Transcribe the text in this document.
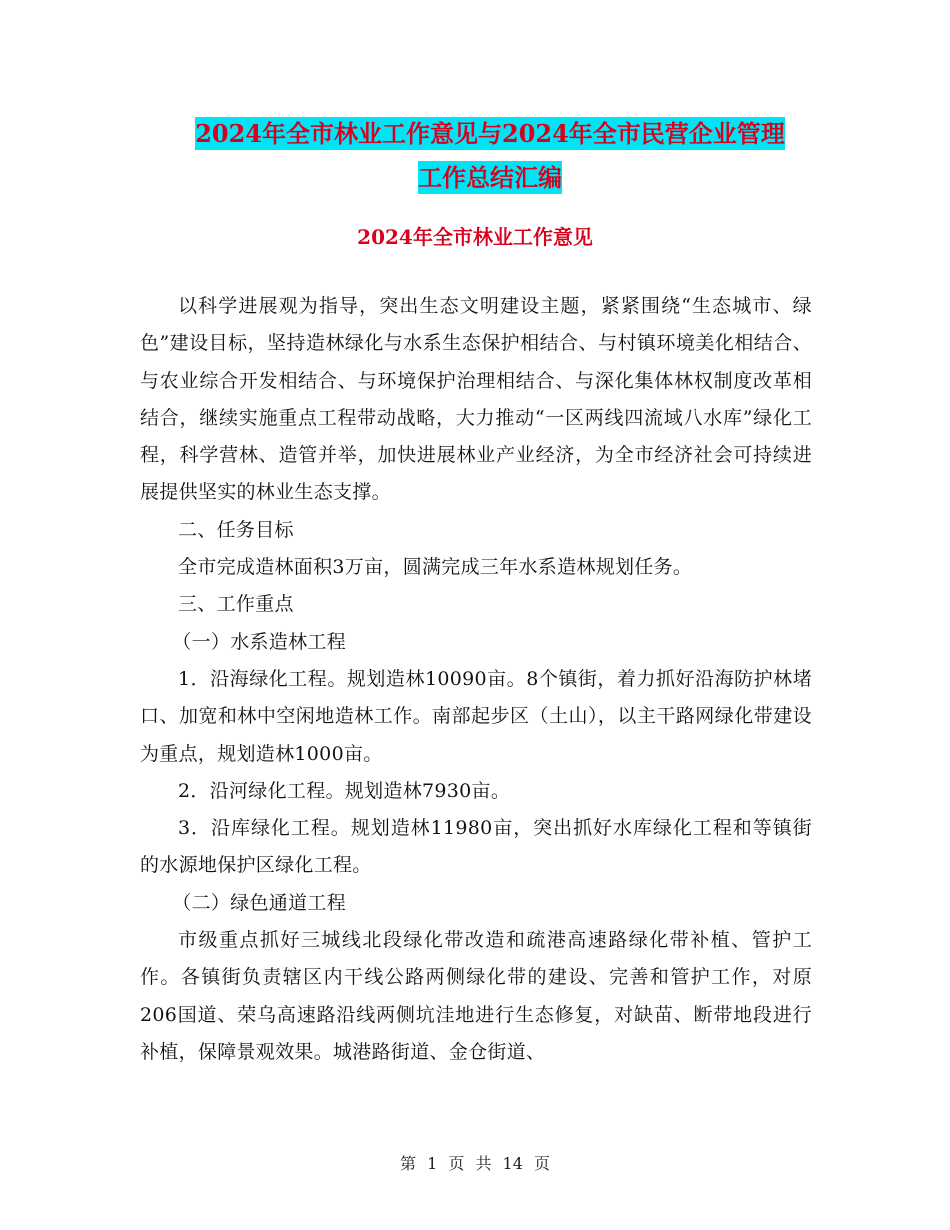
2024年全市林业工作意见与2024年全市民营企业管理
工作总结汇编
2024年全市林业工作意见

以科学进展观为指导，突出生态文明建设主题，紧紧围绕“生态城市、绿色”建设目标，坚持造林绿化与水系生态保护相结合、与村镇环境美化相结合、与农业综合开发相结合、与环境保护治理相结合、与深化集体林权制度改革相结合，继续实施重点工程带动战略，大力推动“一区两线四流域八水库”绿化工程，科学营林、造管并举，加快进展林业产业经济，为全市经济社会可持续进展提供坚实的林业生态支撑。

二、任务目标

全市完成造林面积3万亩，圆满完成三年水系造林规划任务。

三、工作重点

（一）水系造林工程

1．沿海绿化工程。规划造林10090亩。8个镇街，着力抓好沿海防护林堵口、加宽和林中空闲地造林工作。南部起步区（土山），以主干路网绿化带建设为重点，规划造林1000亩。

2．沿河绿化工程。规划造林7930亩。

3．沿库绿化工程。规划造林11980亩，突出抓好水库绿化工程和等镇街的水源地保护区绿化工程。

（二）绿色通道工程

市级重点抓好三城线北段绿化带改造和疏港高速路绿化带补植、管护工作。各镇街负责辖区内干线公路两侧绿化带的建设、完善和管护工作，对原206国道、荣乌高速路沿线两侧坑洼地进行生态修复，对缺苗、断带地段进行补植，保障景观效果。城港路街道、金仓街道、

第 1 页 共 14 页
